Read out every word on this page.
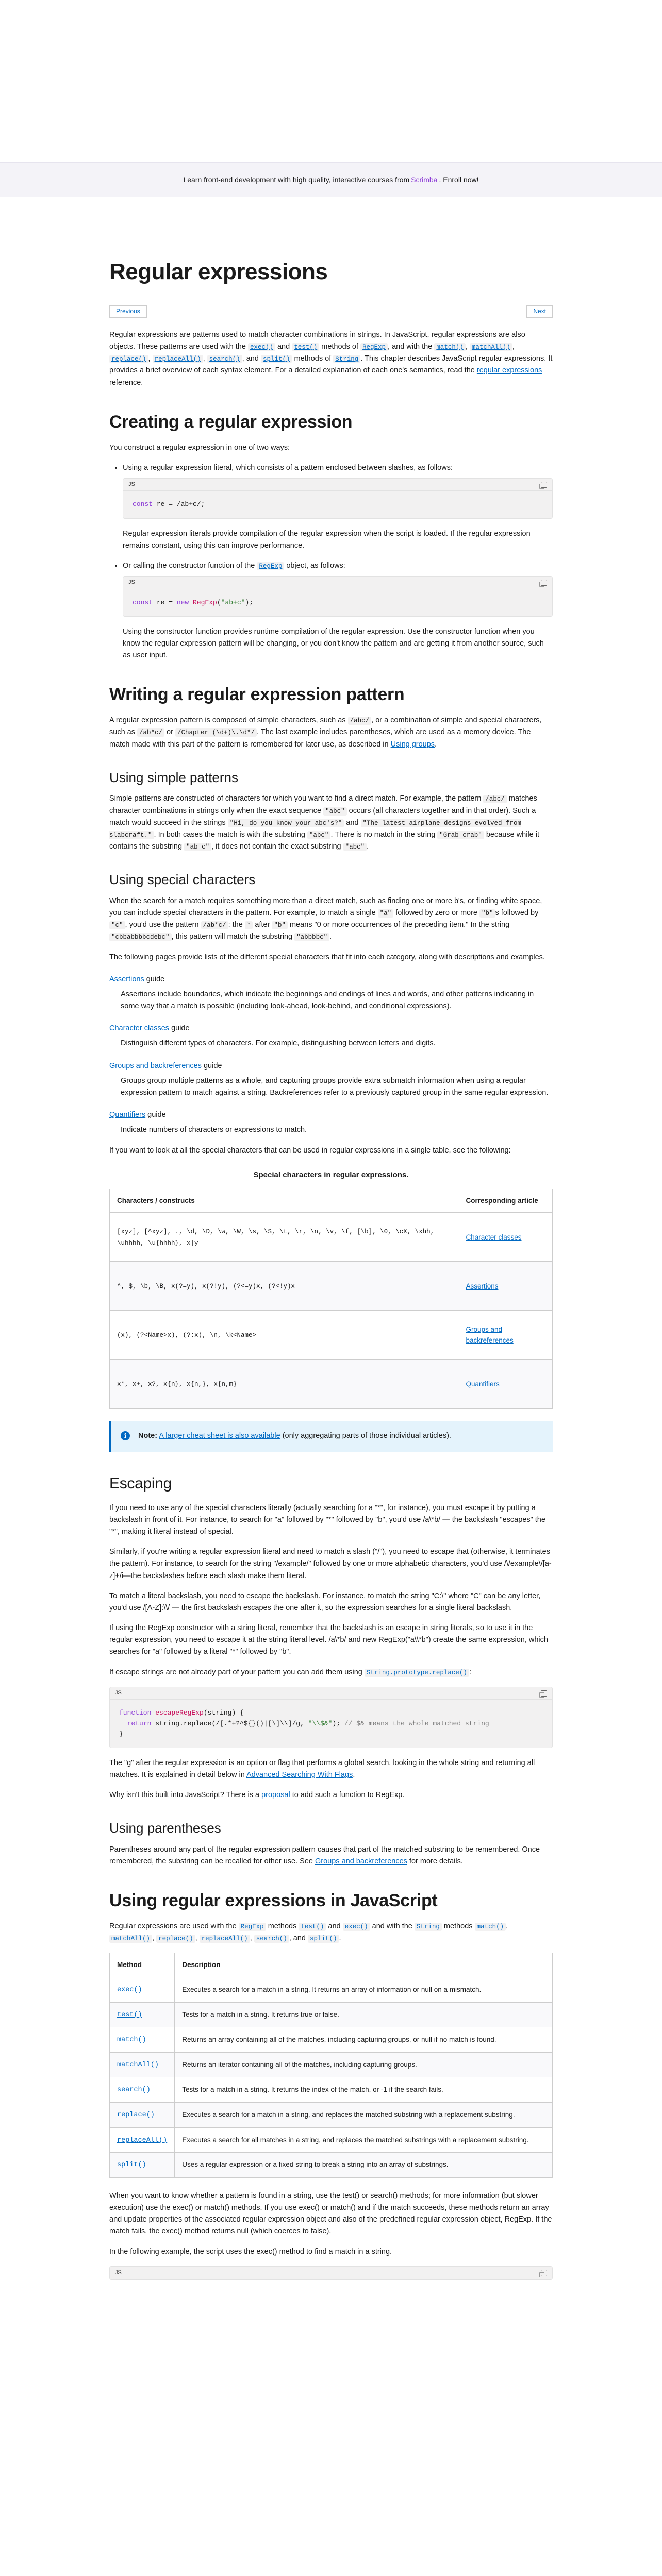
Learn front-end development with high quality, interactive courses from Scrimba . Enroll now!
Regular expressions
Previous	Next

Regular expressions are patterns used to match character combinations in strings. In JavaScript, regular expressions are also objects. These patterns are used with the exec() and test() methods of RegExp , and with the match() , matchAll() , replace() , replaceAll() , search() , and split() methods of String . This chapter describes JavaScript regular expressions. It provides a brief overview of each syntax element. For a detailed explanation of each one's semantics, read the regular expressions reference.

Creating a regular expression

You construct a regular expression in one of two ways:

• Using a regular expression literal, which consists of a pattern enclosed between slashes, as follows:
JS
const re = /ab+c/;

Regular expression literals provide compilation of the regular expression when the script is loaded. If the regular expression remains constant, using this can improve performance.

• Or calling the constructor function of the RegExp object, as follows:
JS
const re = new RegExp("ab+c");

Using the constructor function provides runtime compilation of the regular expression. Use the constructor function when you know the regular expression pattern will be changing, or you don't know the pattern and are getting it from another source, such as user input.

Writing a regular expression pattern

A regular expression pattern is composed of simple characters, such as /abc/ , or a combination of simple and special characters, such as /ab*c/ or /Chapter (\d+)\.\d*/ . The last example includes parentheses, which are used as a memory device. The match made with this part of the pattern is remembered for later use, as described in Using groups.

Using simple patterns

Simple patterns are constructed of characters for which you want to find a direct match. For example, the pattern /abc/ matches character combinations in strings only when the exact sequence "abc" occurs (all characters together and in that order). Such a match would succeed in the strings "Hi, do you know your abc's?" and "The latest airplane designs evolved from slabcraft." . In both cases the match is with the substring "abc" . There is no match in the string "Grab crab" because while it contains the substring "ab c" , it does not contain the exact substring "abc" .

Using special characters

When the search for a match requires something more than a direct match, such as finding one or more b's, or finding white space, you can include special characters in the pattern. For example, to match a single "a" followed by zero or more "b" s followed by "c" , you'd use the pattern /ab*c/ : the * after "b" means "0 or more occurrences of the preceding item." In the string "cbbabbbbcdebc" , this pattern will match the substring "abbbbc" .

The following pages provide lists of the different special characters that fit into each category, along with descriptions and examples.

Assertions guide
Assertions include boundaries, which indicate the beginnings and endings of lines and words, and other patterns indicating in some way that a match is possible (including look-ahead, look-behind, and conditional expressions).
Character classes guide
Distinguish different types of characters. For example, distinguishing between letters and digits.
Groups and backreferences guide
Groups group multiple patterns as a whole, and capturing groups provide extra submatch information when using a regular expression pattern to match against a string. Backreferences refer to a previously captured group in the same regular expression.
Quantifiers guide
Indicate numbers of characters or expressions to match.

If you want to look at all the special characters that can be used in regular expressions in a single table, see the following:

Special characters in regular expressions.
Characters / constructs	Corresponding article
[xyz], [^xyz], ., \d, \D, \w, \W, \s, \S, \t, \r, \n, \v, \f, [\b], \0, \cX, \xhh, \uhhhh, \u{hhhh}, x|y	Character classes
^, $, \b, \B, x(?=y), x(?!y), (?<=y)x, (?<!y)x	Assertions
(x), (?<Name>x), (?:x), \n, \k<Name>	Groups and backreferences
x*, x+, x?, x{n}, x{n,}, x{n,m}	Quantifiers
i	Note: A larger cheat sheet is also available (only aggregating parts of those individual articles).
Escaping

If you need to use any of the special characters literally (actually searching for a "*", for instance), you must escape it by putting a backslash in front of it. For instance, to search for "a" followed by "*" followed by "b", you'd use /a\*b/ — the backslash "escapes" the "*", making it literal instead of special.

Similarly, if you're writing a regular expression literal and need to match a slash ("/"), you need to escape that (otherwise, it terminates the pattern). For instance, to search for the string "/example/" followed by one or more alphabetic characters, you'd use /\/example\/[a-z]+/i—the backslashes before each slash make them literal.

To match a literal backslash, you need to escape the backslash. For instance, to match the string "C:\" where "C" can be any letter, you'd use /[A-Z]:\\/ — the first backslash escapes the one after it, so the expression searches for a single literal backslash.

If using the RegExp constructor with a string literal, remember that the backslash is an escape in string literals, so to use it in the regular expression, you need to escape it at the string literal level. /a\*b/ and new RegExp("a\\*b") create the same expression, which searches for "a" followed by a literal "*" followed by "b".

If escape strings are not already part of your pattern you can add them using String.prototype.replace() :

JS
function escapeRegExp(string) {
return string.replace(/[.*+?^${}()|[\]\\]/g, "\\$&"); // $& means the whole matched string
}

The "g" after the regular expression is an option or flag that performs a global search, looking in the whole string and returning all matches. It is explained in detail below in Advanced Searching With Flags.

Why isn't this built into JavaScript? There is a proposal to add such a function to RegExp.

Using parentheses

Parentheses around any part of the regular expression pattern causes that part of the matched substring to be remembered. Once remembered, the substring can be recalled for other use. See Groups and backreferences for more details.

Using regular expressions in JavaScript

Regular expressions are used with the RegExp methods test() and exec() and with the String methods match() , matchAll() , replace() , replaceAll() , search() , and split() .

Method	Description
exec()	Executes a search for a match in a string. It returns an array of information or null on a mismatch.
test()	Tests for a match in a string. It returns true or false.
match()	Returns an array containing all of the matches, including capturing groups, or null if no match is found.
matchAll()	Returns an iterator containing all of the matches, including capturing groups.
search()	Tests for a match in a string. It returns the index of the match, or -1 if the search fails.
replace()	Executes a search for a match in a string, and replaces the matched substring with a replacement substring.
replaceAll()	Executes a search for all matches in a string, and replaces the matched substrings with a replacement substring.
split()	Uses a regular expression or a fixed string to break a string into an array of substrings.

When you want to know whether a pattern is found in a string, use the test() or search() methods; for more information (but slower execution) use the exec() or match() methods. If you use exec() or match() and if the match succeeds, these methods return an array and update properties of the associated regular expression object and also of the predefined regular expression object, RegExp. If the match fails, the exec() method returns null (which coerces to false).

In the following example, the script uses the exec() method to find a match in a string.

JS
